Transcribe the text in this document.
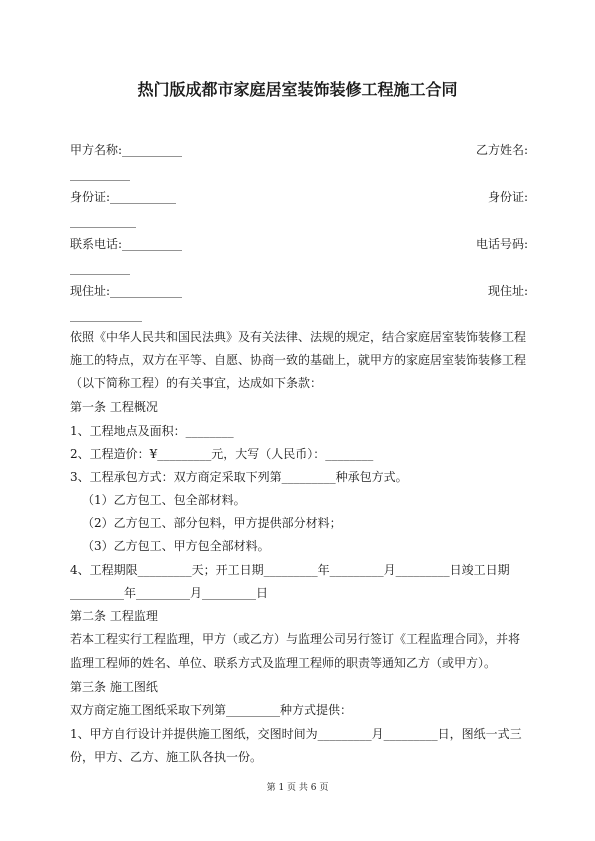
热门版成都市家庭居室装饰装修工程施工合同
甲方名称:__________	乙方姓名:
__________
身份证:___________	身份证:
___________
联系电话:__________	电话号码:
__________
现住址:____________	现住址:
____________
依照《中华人民共和国民法典》及有关法律、法规的规定，结合家庭居室装饰装修工程
施工的特点，双方在平等、自愿、协商一致的基础上，就甲方的家庭居室装饰装修工程
（以下简称工程）的有关事宜，达成如下条款：
第一条 工程概况
1、工程地点及面积：________
2、工程造价：¥_________元，大写（人民币）：________
3、工程承包方式：双方商定采取下列第_________种承包方式。
（1）乙方包工、包全部材料。
（2）乙方包工、部分包料，甲方提供部分材料；
（3）乙方包工、甲方包全部材料。
4、工程期限_________天；开工日期_________年_________月_________日竣工日期
_________年_________月_________日
第二条 工程监理
若本工程实行工程监理，甲方（或乙方）与监理公司另行签订《工程监理合同》，并将
监理工程师的姓名、单位、联系方式及监理工程师的职责等通知乙方（或甲方）。
第三条 施工图纸
双方商定施工图纸采取下列第_________种方式提供：
1、甲方自行设计并提供施工图纸，交图时间为_________月_________日，图纸一式三
份，甲方、乙方、施工队各执一份。
第 1 页 共 6 页
